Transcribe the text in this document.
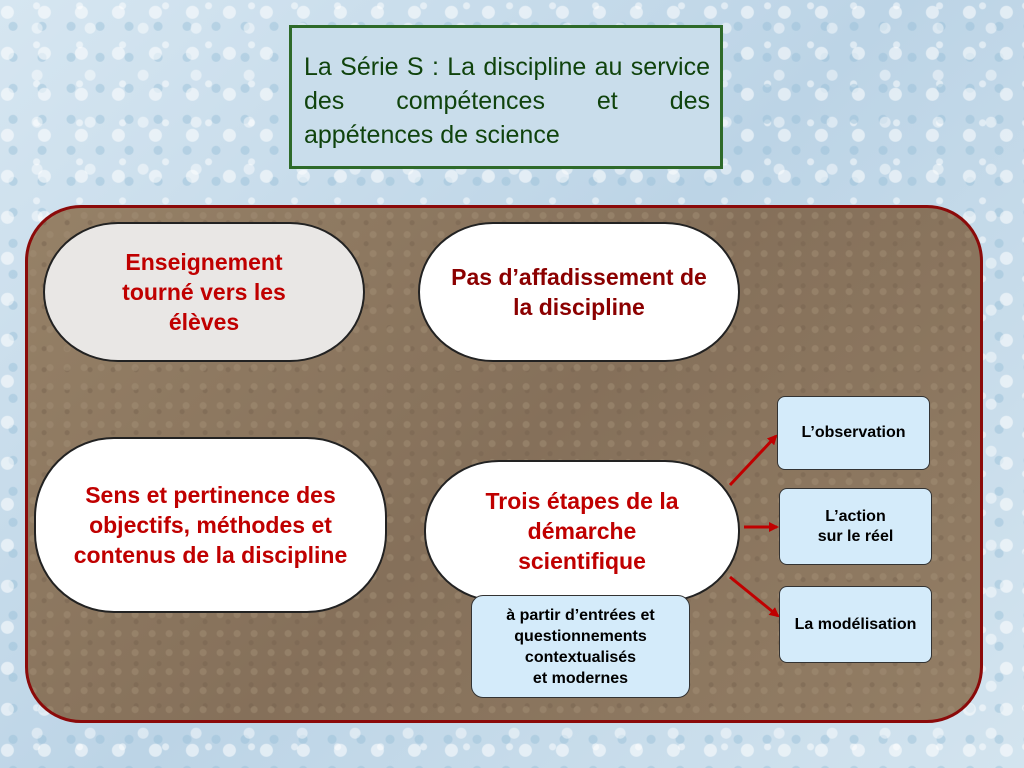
La Série S : La discipline au service des compétences et des appétences de science
Enseignement tourné vers les élèves
Pas d’affadissement de la discipline
Sens et pertinence des objectifs, méthodes et contenus de la discipline
Trois étapes de la démarche scientifique
L’observation
L’action
sur le réel
La modélisation
à partir d’entrées et
questionnements
contextualisés
et modernes
